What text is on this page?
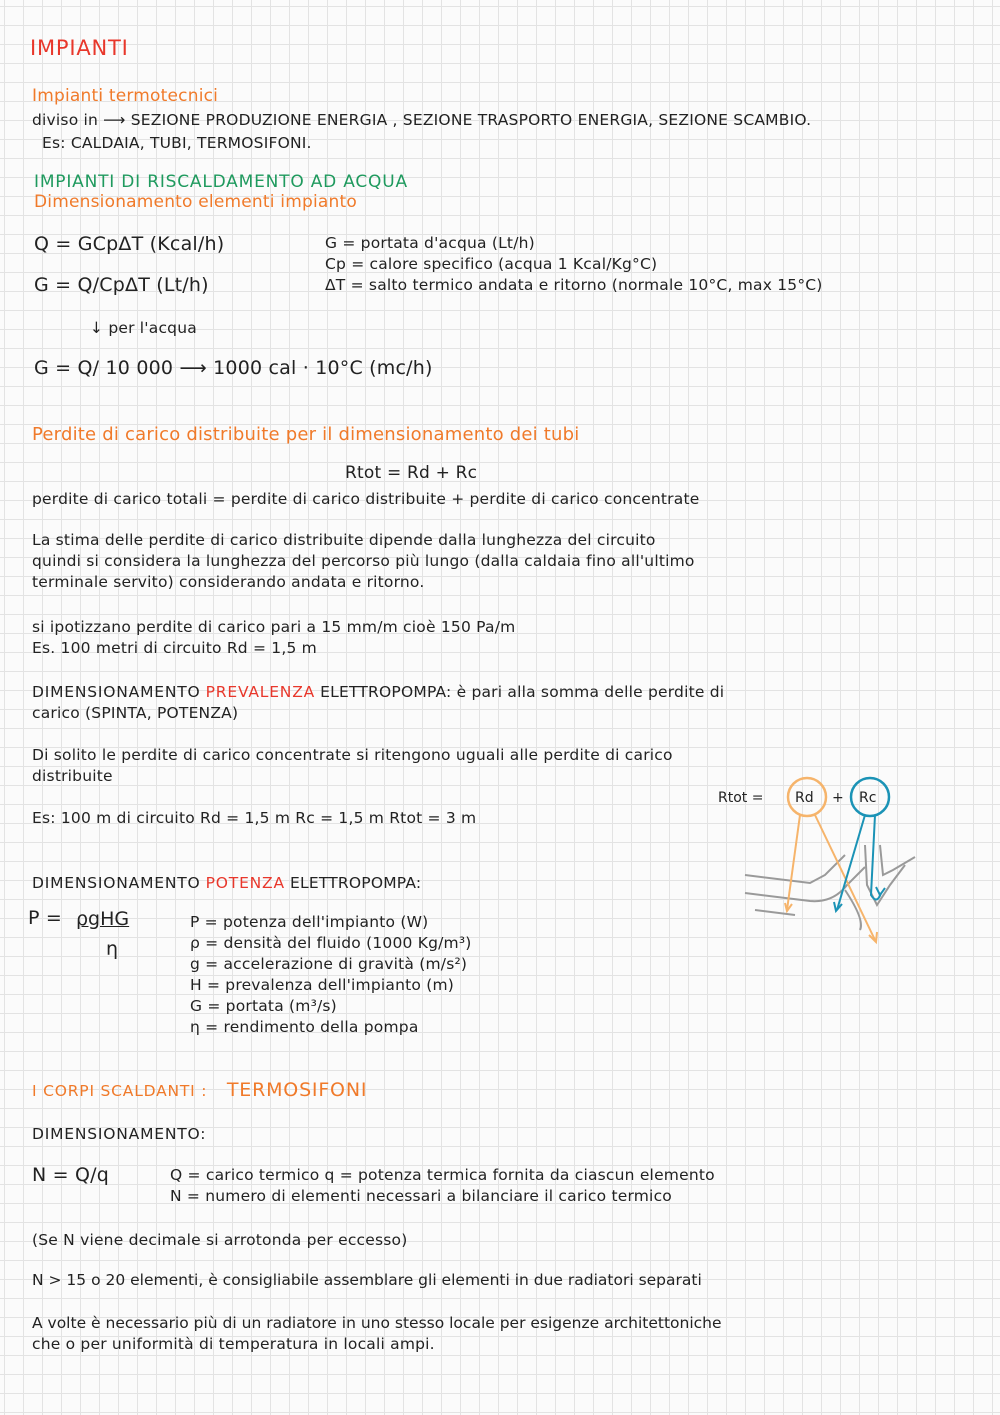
IMPIANTI
Impianti termotecnici
diviso in ⟶ SEZIONE PRODUZIONE ENERGIA , SEZIONE TRASPORTO ENERGIA, SEZIONE SCAMBIO.
Es: CALDAIA, TUBI, TERMOSIFONI.
IMPIANTI DI RISCALDAMENTO AD ACQUA
Dimensionamento elementi impianto
Q = GCpΔT (Kcal/h)
G = Q/CpΔT (Lt/h)
G = portata d'acqua (Lt/h)
Cp = calore specifico (acqua 1 Kcal/Kg°C)
ΔT = salto termico andata e ritorno (normale 10°C, max 15°C)
↓ per l'acqua
G = Q/ 10 000 ⟶ 1000 cal · 10°C (mc/h)
Perdite di carico distribuite per il dimensionamento dei tubi
Rtot = Rd + Rc
perdite di carico totali = perdite di carico distribuite + perdite di carico concentrate
La stima delle perdite di carico distribuite dipende dalla lunghezza del circuito
quindi si considera la lunghezza del percorso più lungo (dalla caldaia fino all'ultimo
terminale servito) considerando andata e ritorno.
si ipotizzano perdite di carico pari a 15 mm/m cioè 150 Pa/m
Es. 100 metri di circuito Rd = 1,5 m
DIMENSIONAMENTO PREVALENZA ELETTROPOMPA: è pari alla somma delle perdite di
carico (SPINTA, POTENZA)
Di solito le perdite di carico concentrate si ritengono uguali alle perdite di carico
distribuite
Es: 100 m di circuito Rd = 1,5 m Rc = 1,5 m Rtot = 3 m
Rtot = Rd + Rc
DIMENSIONAMENTO POTENZA ELETTROPOMPA:
P = ρgHG
η
P = potenza dell'impianto (W)
ρ = densità del fluido (1000 Kg/m³)
g = accelerazione di gravità (m/s²)
H = prevalenza dell'impianto (m)
G = portata (m³/s)
η = rendimento della pompa
I CORPI SCALDANTI : TERMOSIFONI
DIMENSIONAMENTO:
N = Q/q	Q = carico termico q = potenza termica fornita da ciascun elemento
N = numero di elementi necessari a bilanciare il carico termico
(Se N viene decimale si arrotonda per eccesso)
N > 15 o 20 elementi, è consigliabile assemblare gli elementi in due radiatori separati
A volte è necessario più di un radiatore in uno stesso locale per esigenze architettoniche
che o per uniformità di temperatura in locali ampi.
